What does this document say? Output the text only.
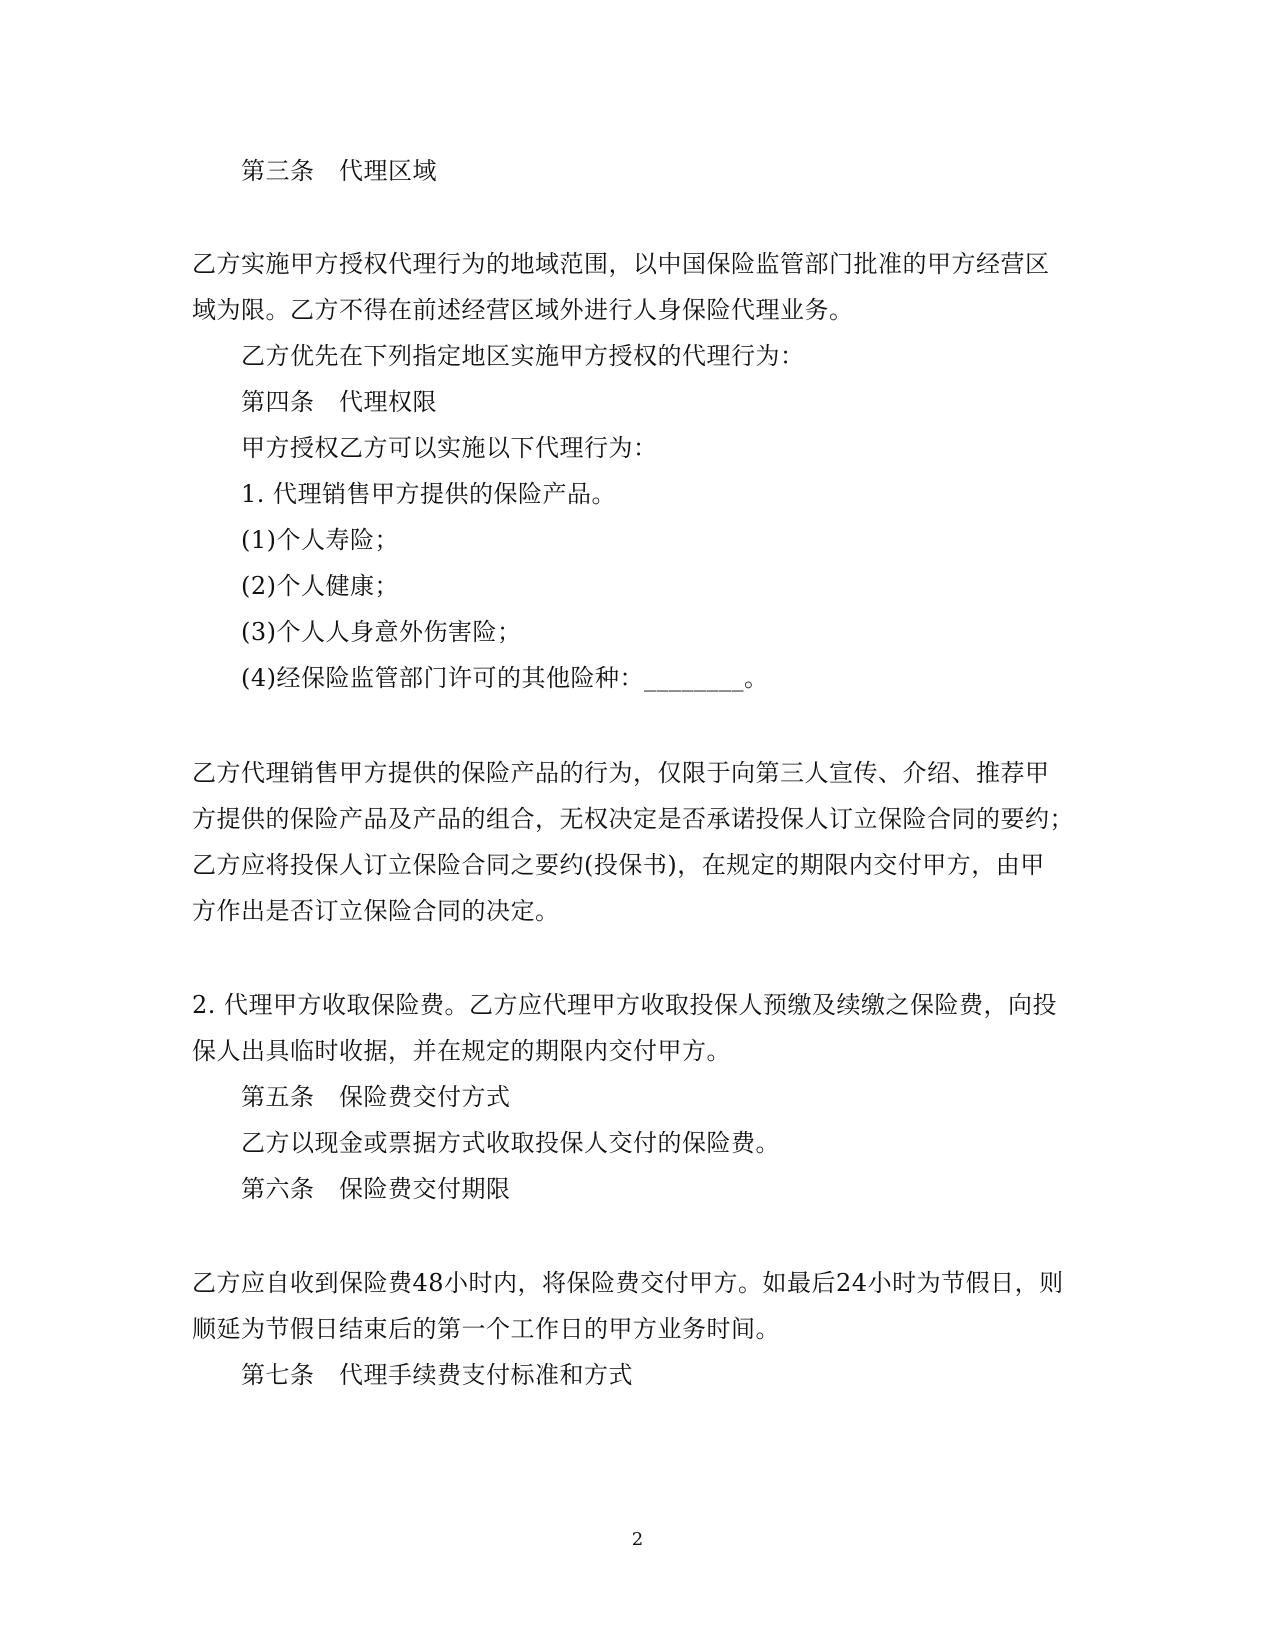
第三条　代理区域
乙方实施甲方授权代理行为的地域范围，以中国保险监管部门批准的甲方经营区
域为限。乙方不得在前述经营区域外进行人身保险代理业务。
乙方优先在下列指定地区实施甲方授权的代理行为：
第四条　代理权限
甲方授权乙方可以实施以下代理行为：
1. 代理销售甲方提供的保险产品。
(1)个人寿险；
(2)个人健康；
(3)个人人身意外伤害险；
(4)经保险监管部门许可的其他险种：________。
乙方代理销售甲方提供的保险产品的行为，仅限于向第三人宣传、介绍、推荐甲
方提供的保险产品及产品的组合，无权决定是否承诺投保人订立保险合同的要约；
乙方应将投保人订立保险合同之要约(投保书)，在规定的期限内交付甲方，由甲
方作出是否订立保险合同的决定。
2. 代理甲方收取保险费。乙方应代理甲方收取投保人预缴及续缴之保险费，向投
保人出具临时收据，并在规定的期限内交付甲方。
第五条　保险费交付方式
乙方以现金或票据方式收取投保人交付的保险费。
第六条　保险费交付期限
乙方应自收到保险费48小时内，将保险费交付甲方。如最后24小时为节假日，则
顺延为节假日结束后的第一个工作日的甲方业务时间。
第七条　代理手续费支付标准和方式
2
